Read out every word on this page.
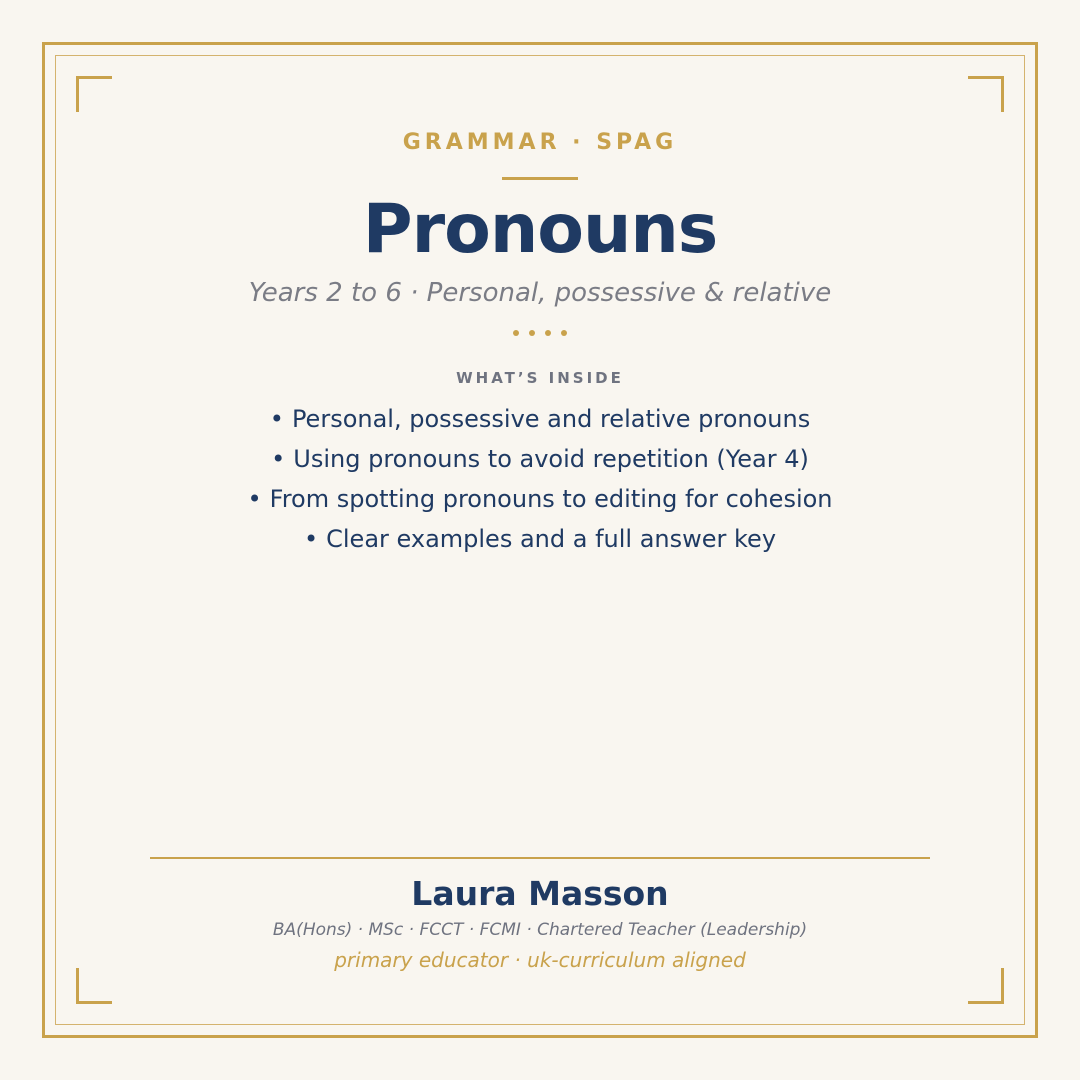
GRAMMAR · SPAG
Pronouns
Years 2 to 6 · Personal, possessive & relative
WHAT’S INSIDE
• Personal, possessive and relative pronouns
• Using pronouns to avoid repetition (Year 4)
• From spotting pronouns to editing for cohesion
• Clear examples and a full answer key
Laura Masson
BA(Hons) · MSc · FCCT · FCMI · Chartered Teacher (Leadership)
primary educator · uk-curriculum aligned
